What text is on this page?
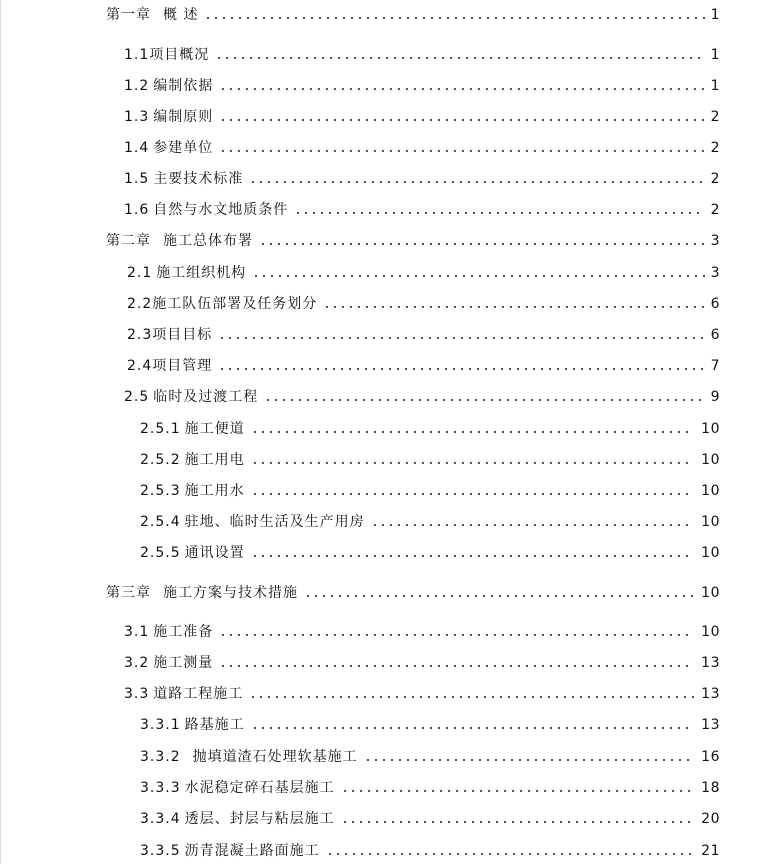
第一章 概 述	1
1.1 项目概况	1
1.2 编制依据	1
1.3 编制原则	2
1.4 参建单位	2
1.5 主要技术标准	2
1.6 自然与水文地质条件	2
第二章 施工总体布署	3
2.1 施工组织机构	3
2.2 施工队伍部署及任务划分	6
2.3 项目目标	6
2.4 项目管理	7
2.5 临时及过渡工程	9
2.5.1 施工便道	10
2.5.2 施工用电	10
2.5.3 施工用水	10
2.5.4 驻地、临时生活及生产用房	10
2.5.5 通讯设置	10
第三章 施工方案与技术措施	10
3.1 施工准备	10
3.2 施工测量	13
3.3 道路工程施工	13
3.3.1 路基施工	13
3.3.2 抛填道渣石处理软基施工	16
3.3.3 水泥稳定碎石基层施工	18
3.3.4 透层、封层与粘层施工	20
3.3.5 沥青混凝土路面施工	21
